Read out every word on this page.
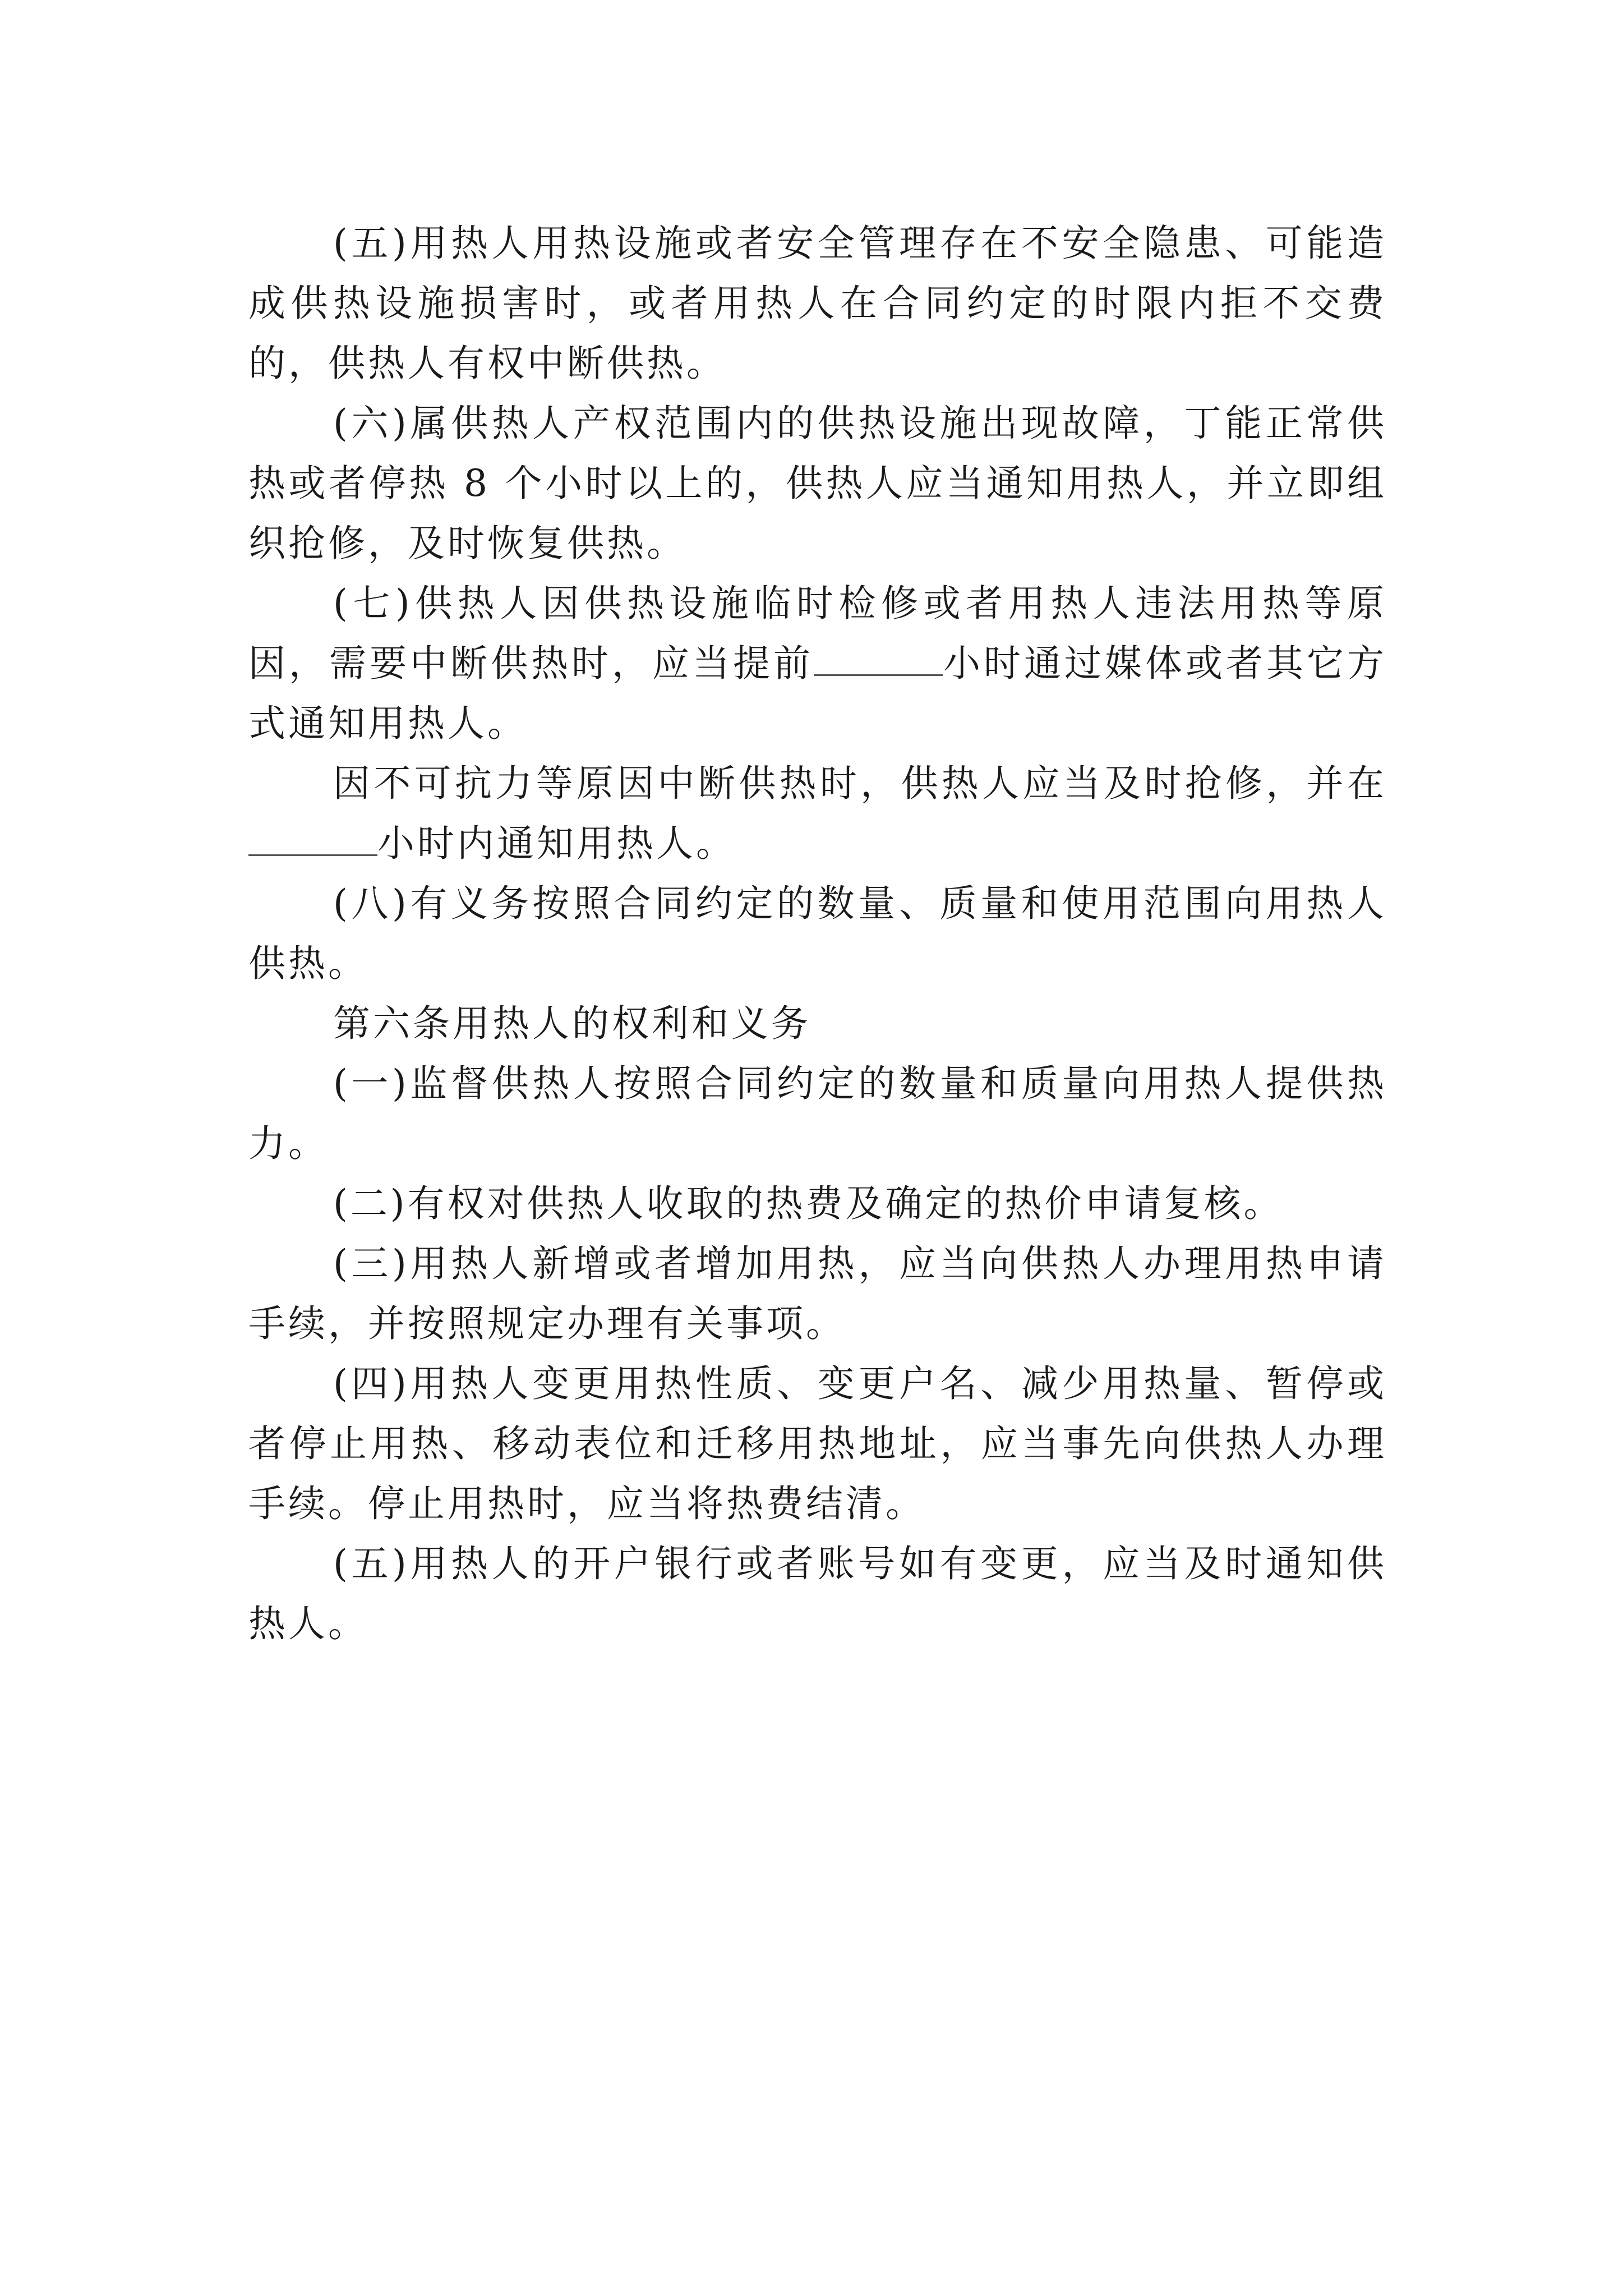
(五)用热人用热设施或者安全管理存在不安全隐患、可能造成供热设施损害时，或者用热人在合同约定的时限内拒不交费的，供热人有权中断供热。

(六)属供热人产权范围内的供热设施出现故障，丁能正常供热或者停热 8 个小时以上的，供热人应当通知用热人，并立即组织抢修，及时恢复供热。

(七)供热人因供热设施临时检修或者用热人违法用热等原因，需要中断供热时，应当提前	小时通过媒体或者其它方式通知用热人。

因不可抗力等原因中断供热时，供热人应当及时抢修，并在小时内通知用热人。

(八)有义务按照合同约定的数量、质量和使用范围向用热人供热。

第六条用热人的权利和义务

(一)监督供热人按照合同约定的数量和质量向用热人提供热力。

(二)有权对供热人收取的热费及确定的热价申请复核。

(三)用热人新增或者增加用热，应当向供热人办理用热申请手续，并按照规定办理有关事项。

(四)用热人变更用热性质、变更户名、减少用热量、暂停或者停止用热、移动表位和迁移用热地址，应当事先向供热人办理手续。停止用热时，应当将热费结清。

(五)用热人的开户银行或者账号如有变更，应当及时通知供热人。
